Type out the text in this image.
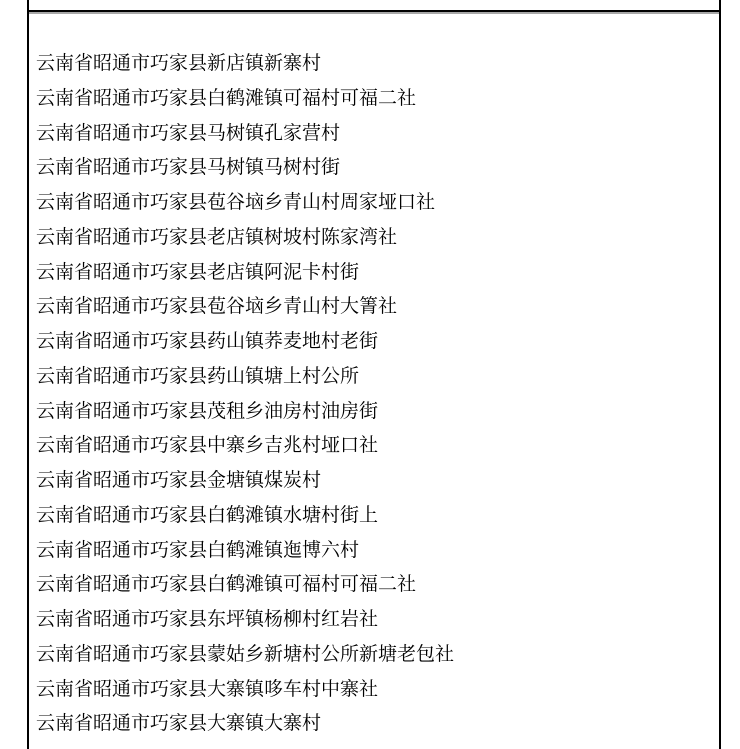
云南省昭通市巧家县新店镇新寨村
云南省昭通市巧家县白鹤滩镇可福村可福二社
云南省昭通市巧家县马树镇孔家营村
云南省昭通市巧家县马树镇马树村街
云南省昭通市巧家县苞谷垴乡青山村周家垭口社
云南省昭通市巧家县老店镇树坡村陈家湾社
云南省昭通市巧家县老店镇阿泥卡村街
云南省昭通市巧家县苞谷垴乡青山村大箐社
云南省昭通市巧家县药山镇荞麦地村老街
云南省昭通市巧家县药山镇塘上村公所
云南省昭通市巧家县茂租乡油房村油房街
云南省昭通市巧家县中寨乡吉兆村垭口社
云南省昭通市巧家县金塘镇煤炭村
云南省昭通市巧家县白鹤滩镇水塘村街上
云南省昭通市巧家县白鹤滩镇迤博六村
云南省昭通市巧家县白鹤滩镇可福村可福二社
云南省昭通市巧家县东坪镇杨柳村红岩社
云南省昭通市巧家县蒙姑乡新塘村公所新塘老包社
云南省昭通市巧家县大寨镇哆车村中寨社
云南省昭通市巧家县大寨镇大寨村
